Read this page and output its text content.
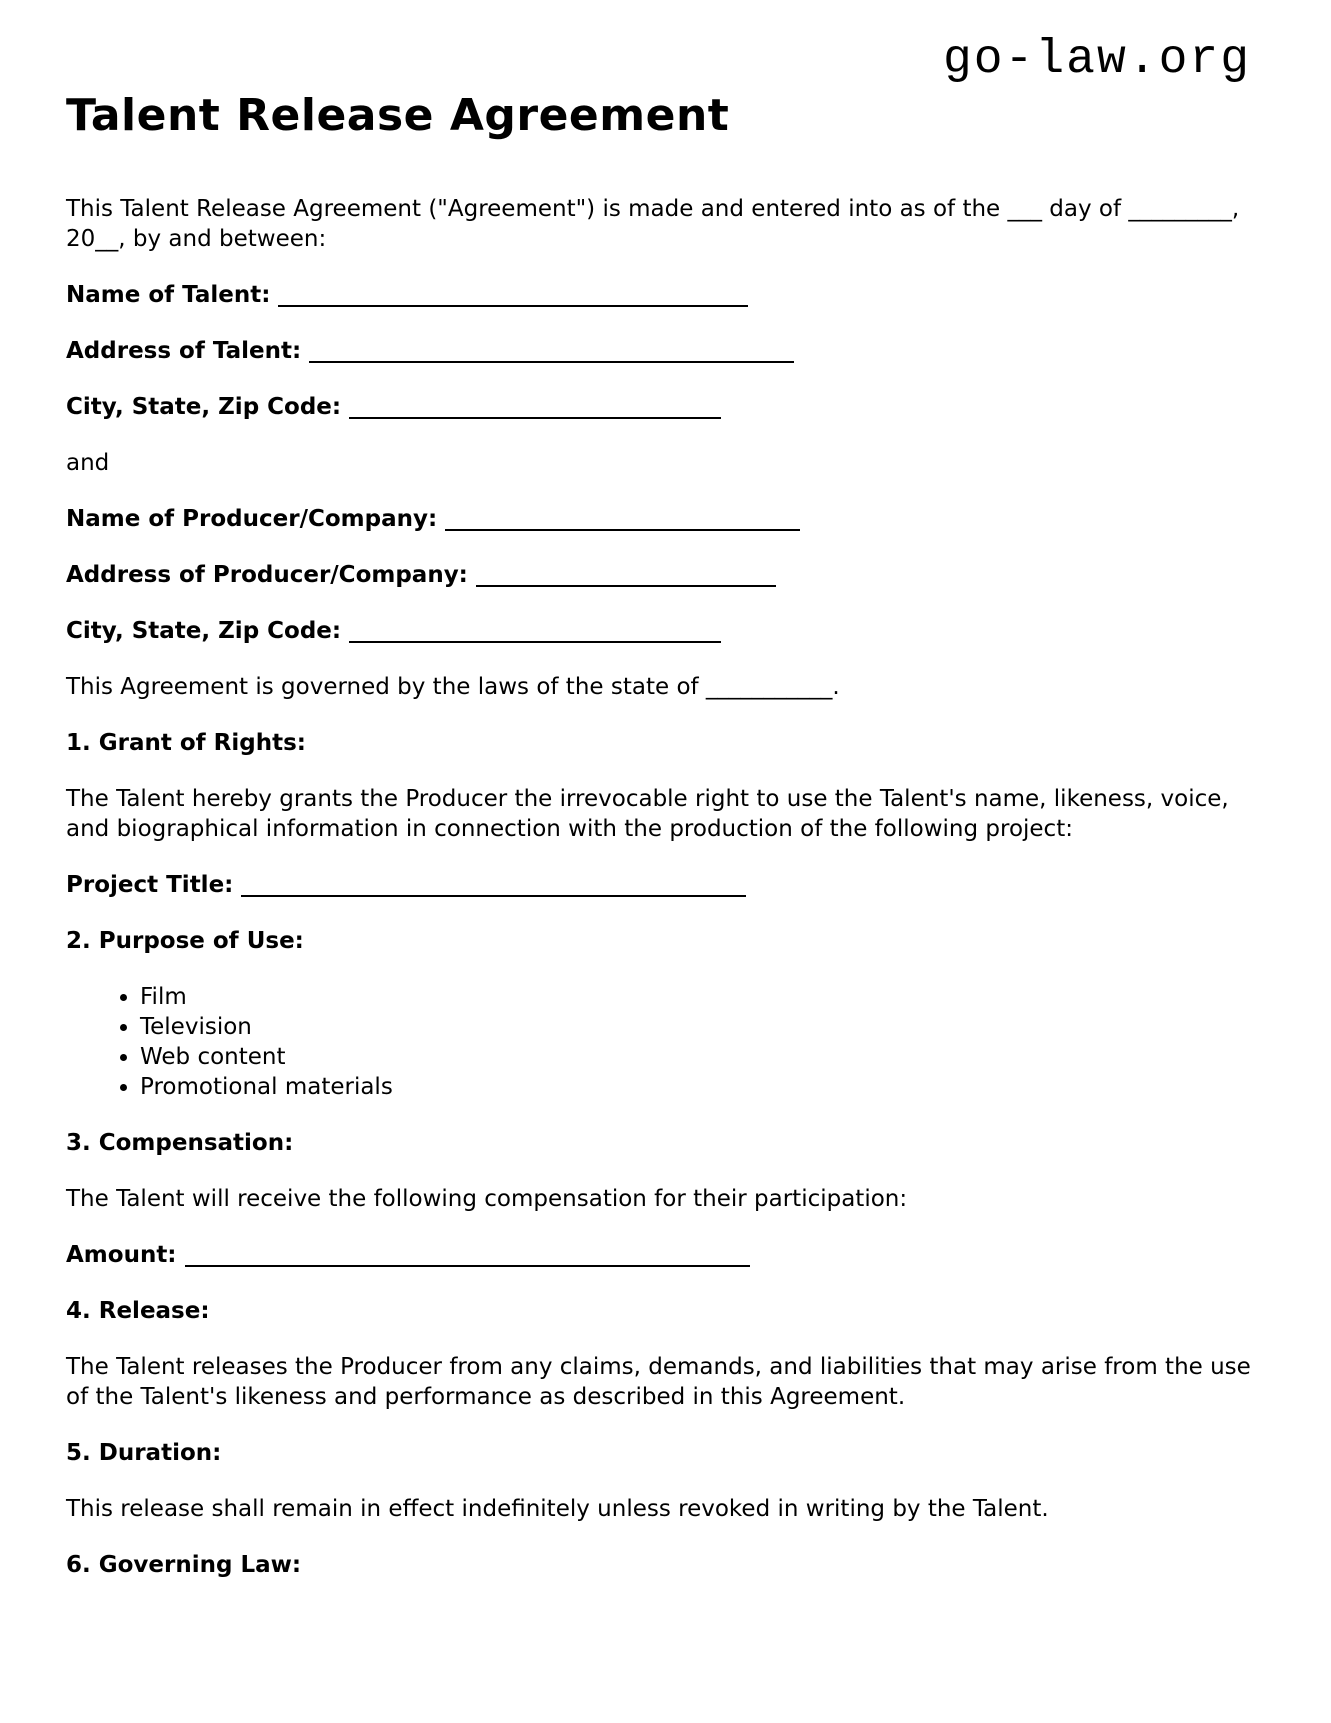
go-law.org
Talent Release Agreement

This Talent Release Agreement ("Agreement") is made and entered into as of the ___ day of _________, 20__, by and between:

Name of Talent:
Address of Talent:
City, State, Zip Code:

and

Name of Producer/Company:
Address of Producer/Company:
City, State, Zip Code:

This Agreement is governed by the laws of the state of ___________.

1. Grant of Rights:

The Talent hereby grants the Producer the irrevocable right to use the Talent's name, likeness, voice, and biographical information in connection with the production of the following project:

Project Title:
2. Purpose of Use:
• Film
• Television
• Web content
• Promotional materials
3. Compensation:

The Talent will receive the following compensation for their participation:

Amount:
4. Release:

The Talent releases the Producer from any claims, demands, and liabilities that may arise from the use of the Talent's likeness and performance as described in this Agreement.

5. Duration:

This release shall remain in effect indefinitely unless revoked in writing by the Talent.

6. Governing Law:
